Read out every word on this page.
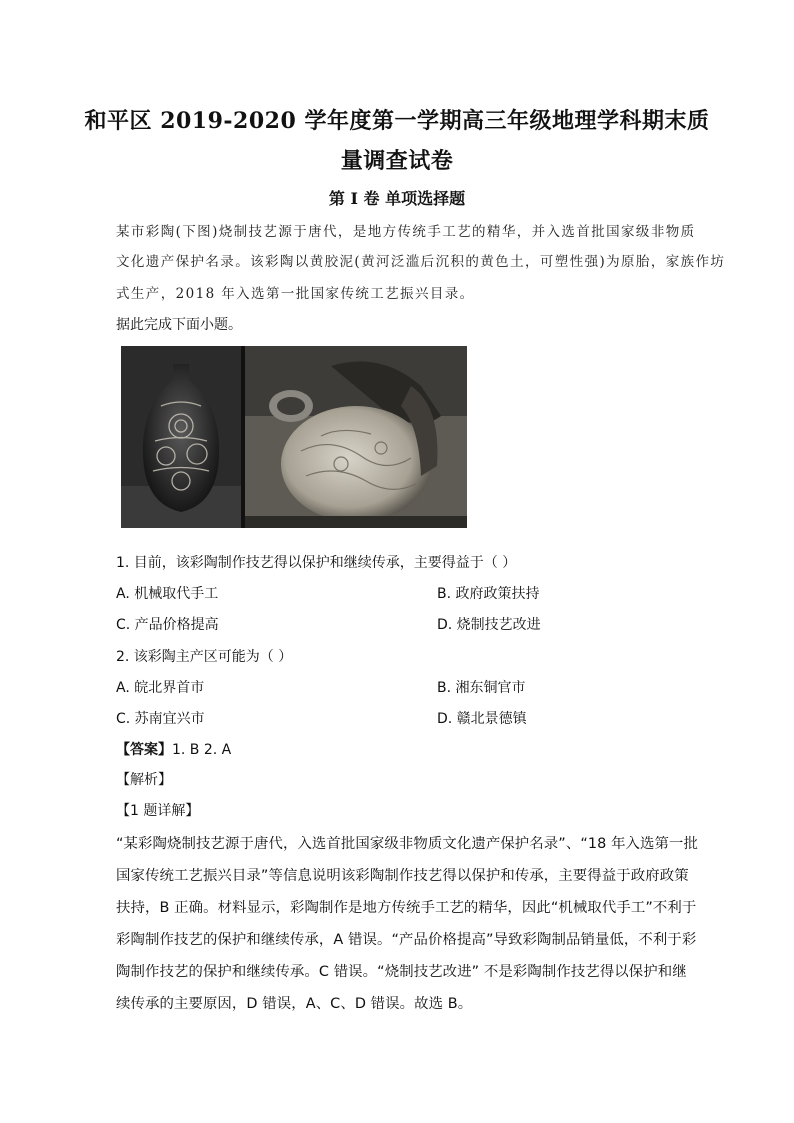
和平区 2019-2020 学年度第一学期高三年级地理学科期末质
量调查试卷
第 I 卷 单项选择题
某市彩陶(下图)烧制技艺源于唐代，是地方传统手工艺的精华，并入选首批国家级非物质
文化遗产保护名录。该彩陶以黄胶泥(黄河泛滥后沉积的黄色土，可塑性强)为原胎，家族作坊
式生产，2018 年入选第一批国家传统工艺振兴目录。
据此完成下面小题。
1. 目前，该彩陶制作技艺得以保护和继续传承，主要得益于（ ）
A. 机械取代手工	B. 政府政策扶持
C. 产品价格提高	D. 烧制技艺改进
2. 该彩陶主产区可能为（ ）
A. 皖北界首市	B. 湘东铜官市
C. 苏南宜兴市	D. 赣北景德镇
【答案】1. B 2. A
【解析】
【1 题详解】
“某彩陶烧制技艺源于唐代，入选首批国家级非物质文化遗产保护名录”、“18 年入选第一批
国家传统工艺振兴目录”等信息说明该彩陶制作技艺得以保护和传承，主要得益于政府政策
扶持，B 正确。材料显示，彩陶制作是地方传统手工艺的精华，因此“机械取代手工”不利于
彩陶制作技艺的保护和继续传承，A 错误。“产品价格提高”导致彩陶制品销量低，不利于彩
陶制作技艺的保护和继续传承。C 错误。“烧制技艺改进” 不是彩陶制作技艺得以保护和继
续传承的主要原因，D 错误，A、C、D 错误。故选 B。
